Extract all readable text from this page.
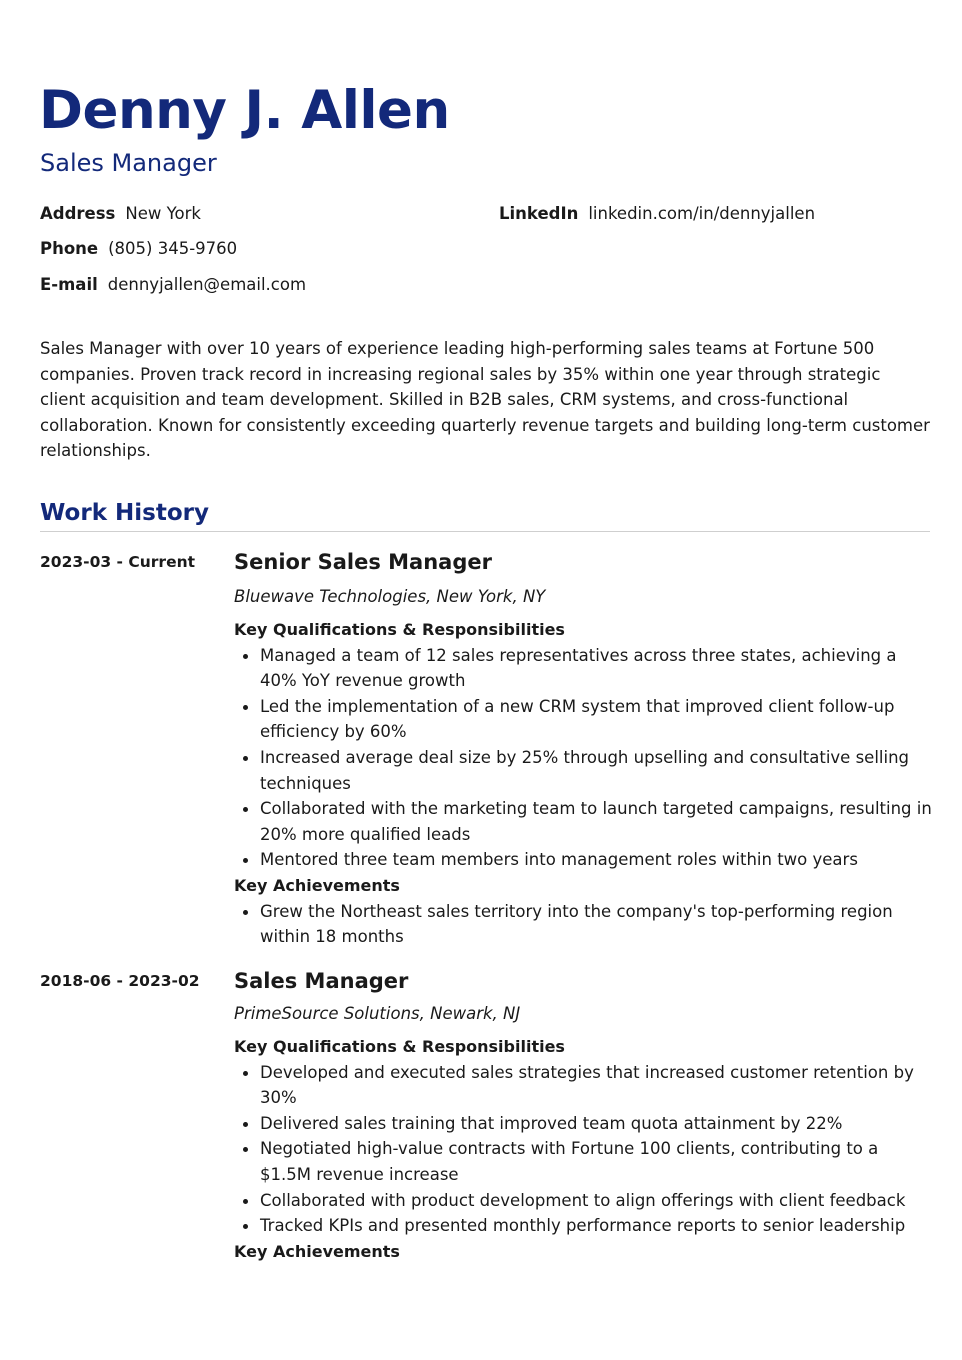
Denny J. Allen
Sales Manager
Address New York
Phone (805) 345-9760
E-mail dennyjallen@email.com
LinkedIn linkedin.com/in/dennyjallen

Sales Manager with over 10 years of experience leading high-performing sales teams at Fortune 500 companies. Proven track record in increasing regional sales by 35% within one year through strategic client acquisition and team development. Skilled in B2B sales, CRM systems, and cross-functional collaboration. Known for consistently exceeding quarterly revenue targets and building long-term customer relationships.

Work History
2023-03 - Current Senior Sales Manager
Bluewave Technologies, New York, NY
Key Qualifications & Responsibilities
Managed a team of 12 sales representatives across three states, achieving a 40% YoY revenue growth
Led the implementation of a new CRM system that improved client follow-up efficiency by 60%
Increased average deal size by 25% through upselling and consultative selling techniques
Collaborated with the marketing team to launch targeted campaigns, resulting in 20% more qualified leads
Mentored three team members into management roles within two years
Key Achievements
Grew the Northeast sales territory into the company's top-performing region within 18 months
2018-06 - 2023-02 Sales Manager
PrimeSource Solutions, Newark, NJ
Key Qualifications & Responsibilities
Developed and executed sales strategies that increased customer retention by 30%
Delivered sales training that improved team quota attainment by 22%
Negotiated high-value contracts with Fortune 100 clients, contributing to a $1.5M revenue increase
Collaborated with product development to align offerings with client feedback
Tracked KPIs and presented monthly performance reports to senior leadership
Key Achievements
